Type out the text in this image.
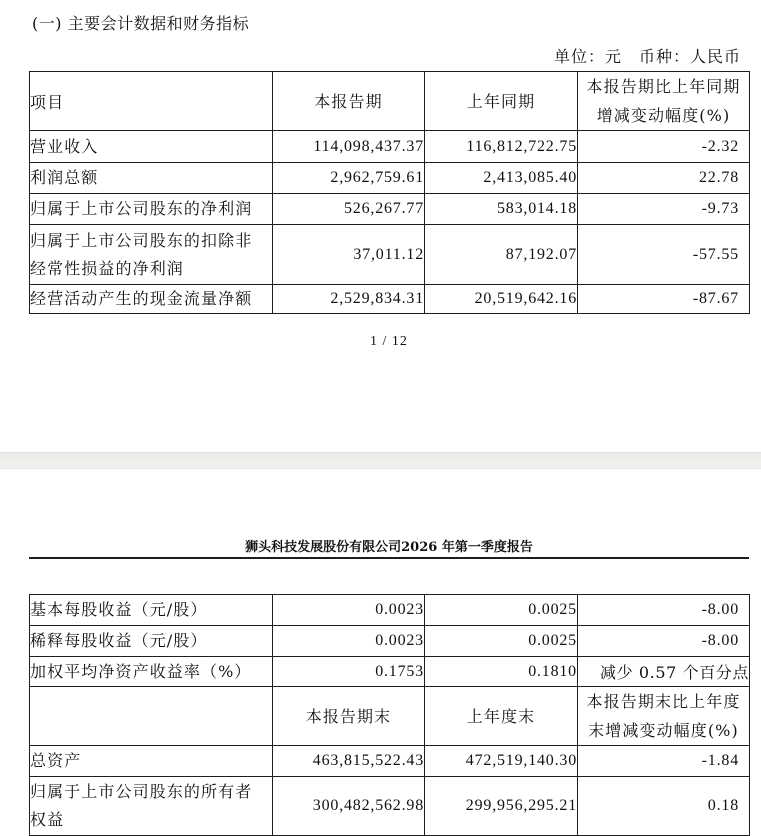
(一) 主要会计数据和财务指标
单位：元　币种：人民币
项目	本报告期	上年同期	本报告期比上年同期
增减变动幅度(%)

营业收入	114,098,437.37	116,812,722.75	-2.32

利润总额	2,962,759.61	2,413,085.40	22.78

归属于上市公司股东的净利润	526,267.77	583,014.18	-9.73

归属于上市公司股东的扣除非
经常性损益的净利润	37,011.12	87,192.07	-57.55

经营活动产生的现金流量净额	2,529,834.31	20,519,642.16	-87.67
1 / 12
狮头科技发展股份有限公司2026 年第一季度报告
基本每股收益（元/股）	0.0023	0.0025	-8.00

稀释每股收益（元/股）	0.0023	0.0025	-8.00

加权平均净资产收益率（%）	0.1753	0.1810	减少 0.57 个百分点
	本报告期末	上年度末	本报告期末比上年度
末增减变动幅度(%)

总资产	463,815,522.43	472,519,140.30	-1.84

归属于上市公司股东的所有者
权益	300,482,562.98	299,956,295.21	0.18
